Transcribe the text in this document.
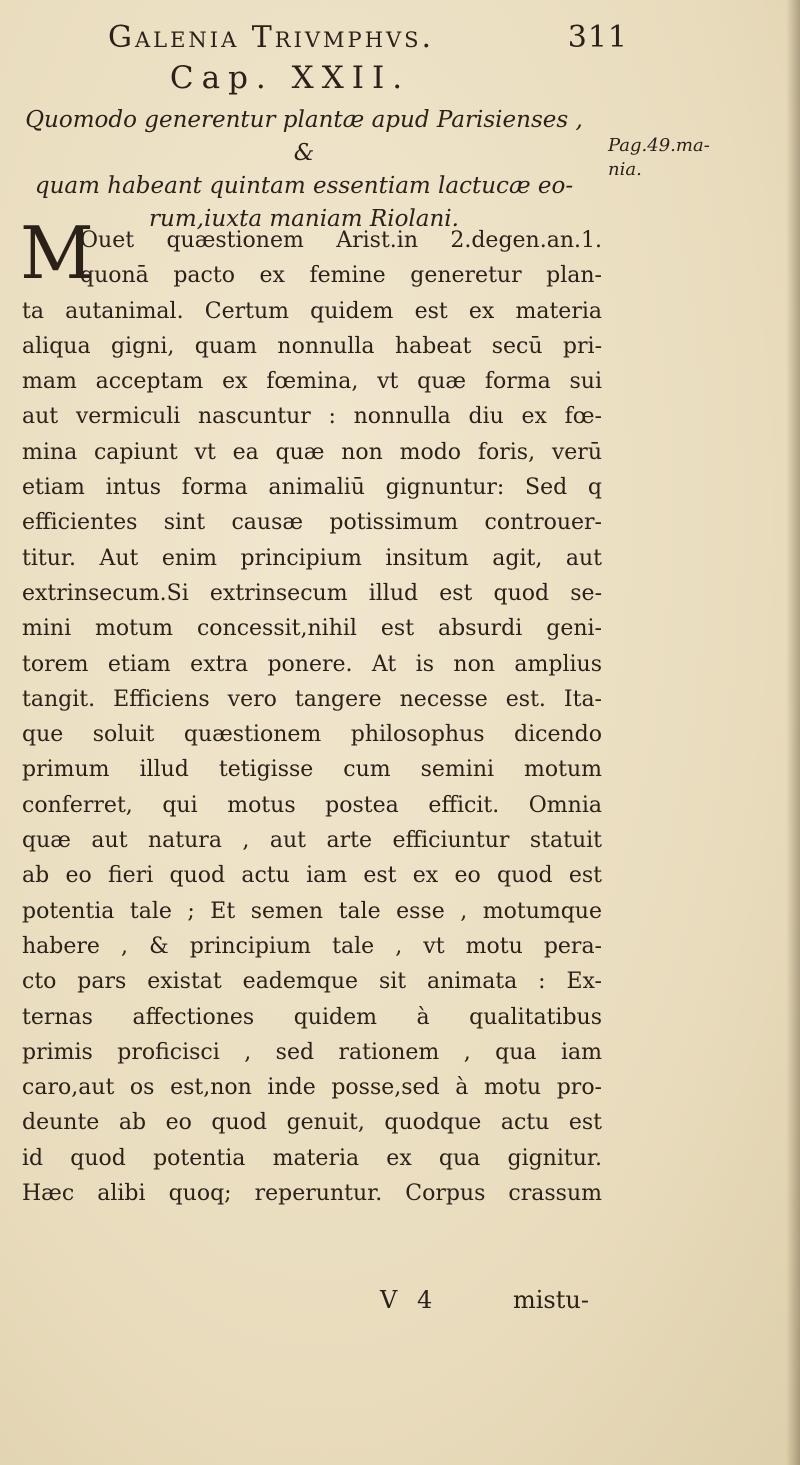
Galenia Trivmphvs.	311
Cap. XXII.
Quomodo generentur plantæ apud Parisienses , &
quam habeant quintam essentiam lactucæ eo-
rum,iuxta maniam Riolani.
Pag.49.ma-
nia.
M
Ouet quæstionem Arist.in 2.degen.an.1.
quonā pacto ex femine generetur plan-
ta autanimal. Certum quidem est ex materia
aliqua gigni, quam nonnulla habeat secū pri-
mam acceptam ex fœmina, vt quæ forma sui
aut vermiculi nascuntur : nonnulla diu ex fœ-
mina capiunt vt ea quæ non modo foris, verū
etiam intus forma animaliū gignuntur: Sed q
efficientes sint causæ potissimum controuer-
titur. Aut enim principium insitum agit, aut
extrinsecum.Si extrinsecum illud est quod se-
mini motum concessit,nihil est absurdi geni-
torem etiam extra ponere. At is non amplius
tangit. Efficiens vero tangere necesse est. Ita-
que soluit quæstionem philosophus dicendo
primum illud tetigisse cum semini motum
conferret, qui motus postea efficit. Omnia
quæ aut natura , aut arte efficiuntur statuit
ab eo fieri quod actu iam est ex eo quod est
potentia tale ; Et semen tale esse , motumque
habere , & principium tale , vt motu pera-
cto pars existat eademque sit animata : Ex-
ternas affectiones quidem à qualitatibus
primis proficisci , sed rationem , qua iam
caro,aut os est,non inde posse,sed à motu pro-
deunte ab eo quod genuit, quodque actu est
id quod potentia materia ex qua gignitur.
Hæc alibi quoq; reperuntur. Corpus crassum
V 4	mistu-
